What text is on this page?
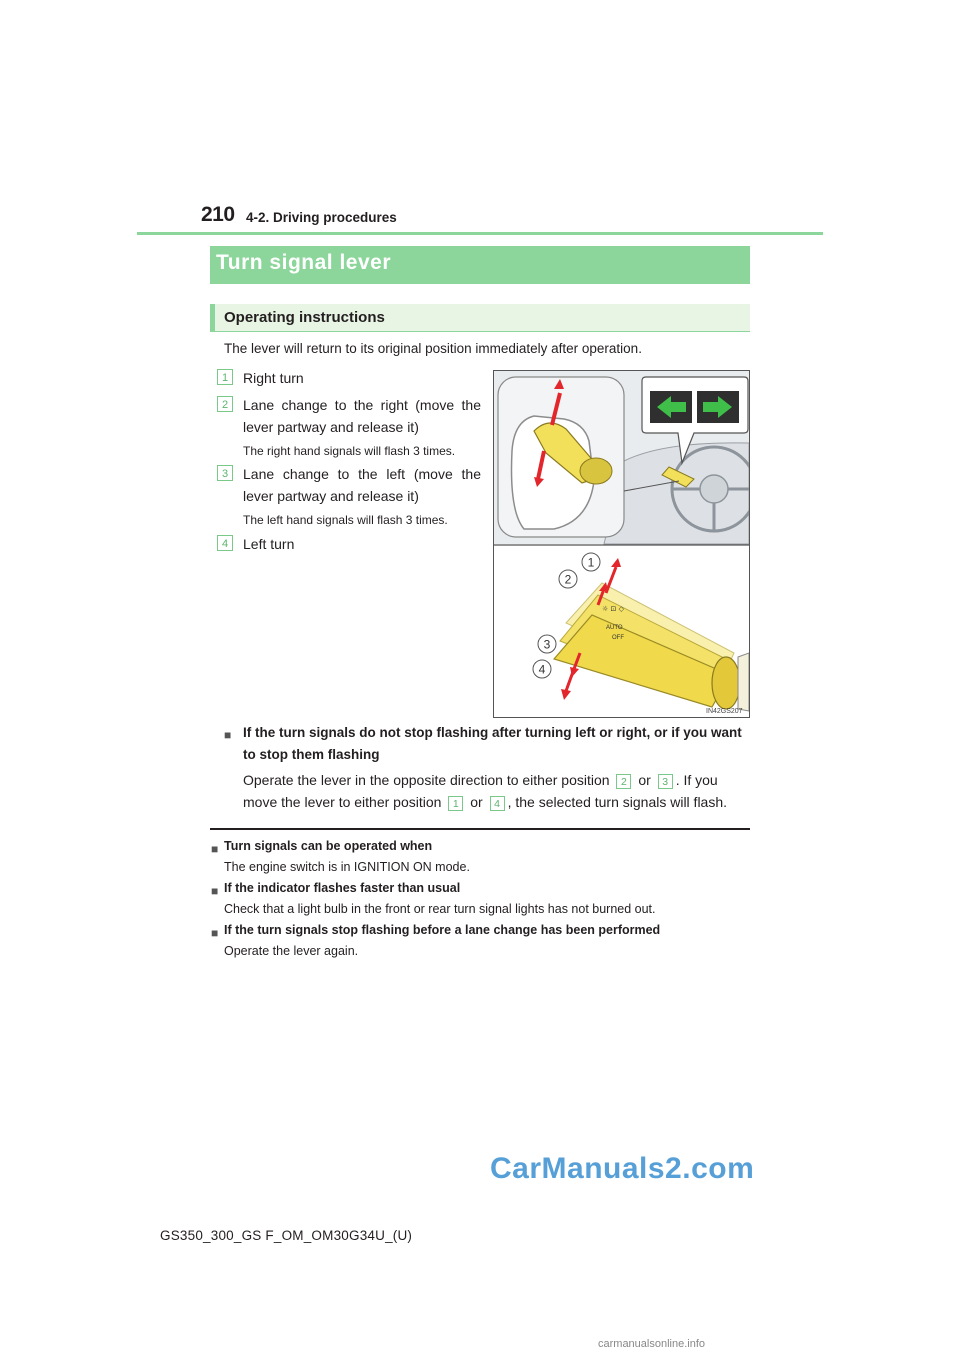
210 4-2. Driving procedures
Turn signal lever
Operating instructions
The lever will return to its original position immediately after operation.
1	Right turn
2	Lane change to the right (move the lever partway and release it)
The right hand signals will flash 3 times.
3	Lane change to the left (move the lever partway and release it)
The left hand signals will flash 3 times.
4	Left turn
AUTO
OFF
☼ ⊡ ◇
1
2
3
4
IN42GS207
■ If the turn signals do not stop flashing after turning left or right, or if you want
to stop them flashing
Operate the lever in the opposite direction to either position 2 or 3 . If you
move the lever to either position 1 or 4 , the selected turn signals will flash.
■ Turn signals can be operated when
The engine switch is in IGNITION ON mode.
■ If the indicator flashes faster than usual
Check that a light bulb in the front or rear turn signal lights has not burned out.
■ If the turn signals stop flashing before a lane change has been performed
Operate the lever again.
CarManuals2.com
GS350_300_GS F_OM_OM30G34U_(U)
carmanualsonline.info
